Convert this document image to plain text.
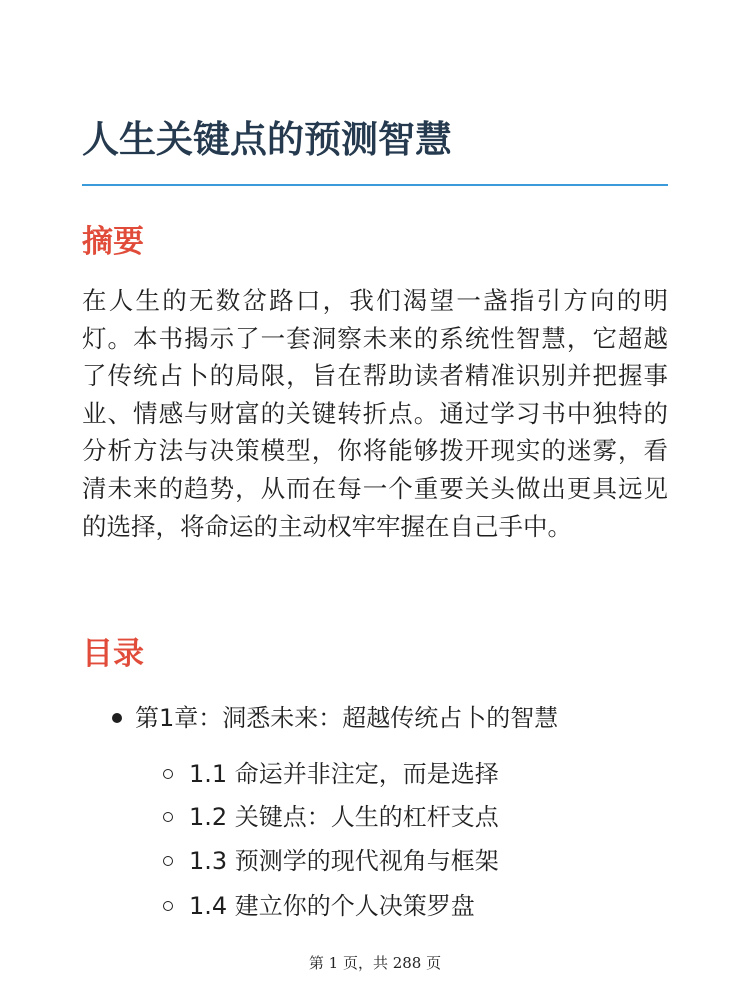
人生关键点的预测智慧
摘要

在人生的无数岔路口，我们渴望一盏指引方向的明灯。本书揭示了一套洞察未来的系统性智慧，它超越了传统占卜的局限，旨在帮助读者精准识别并把握事业、情感与财富的关键转折点。通过学习书中独特的分析方法与决策模型，你将能够拨开现实的迷雾，看清未来的趋势，从而在每一个重要关头做出更具远见的选择，将命运的主动权牢牢握在自己手中。

目录
第1章：洞悉未来：超越传统占卜的智慧
1.1 命运并非注定，而是选择
1.2 关键点：人生的杠杆支点
1.3 预测学的现代视角与框架
1.4 建立你的个人决策罗盘
第 1 页，共 288 页
